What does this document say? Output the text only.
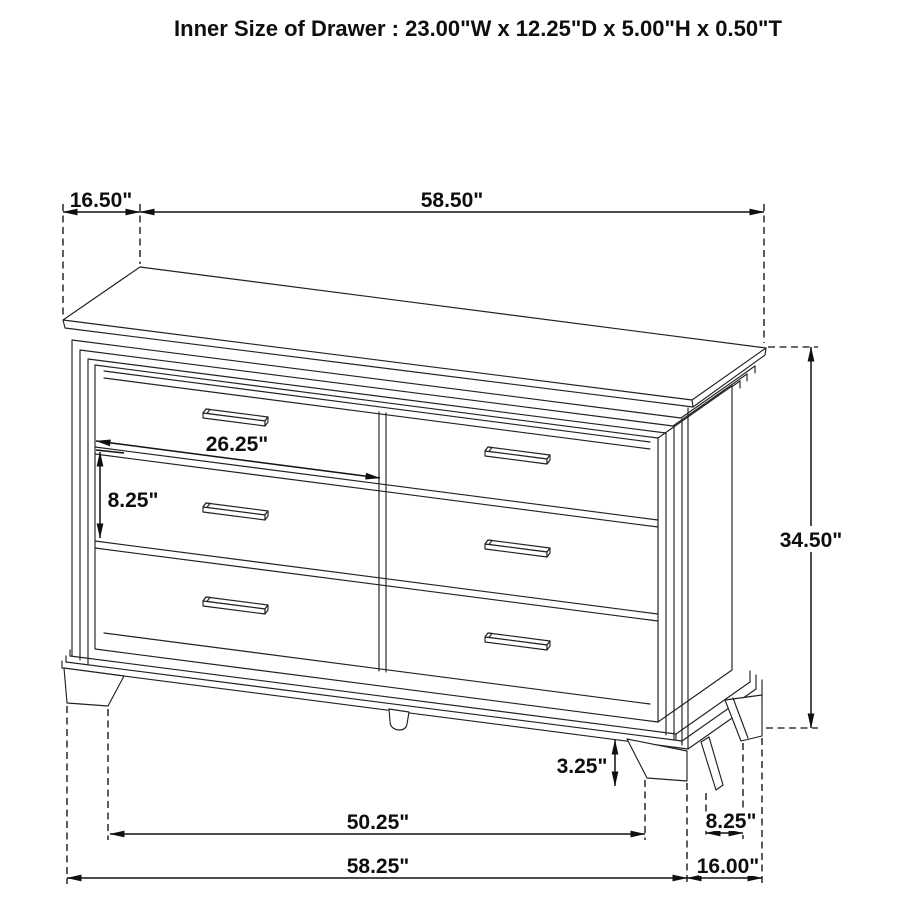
16.50"	58.50"
26.25"
8.25"
34.50"
3.25"
50.25"
58.25"
8.25"
16.00"
Inner Size of Drawer : 23.00"W x 12.25"D x 5.00"H x 0.50"T
